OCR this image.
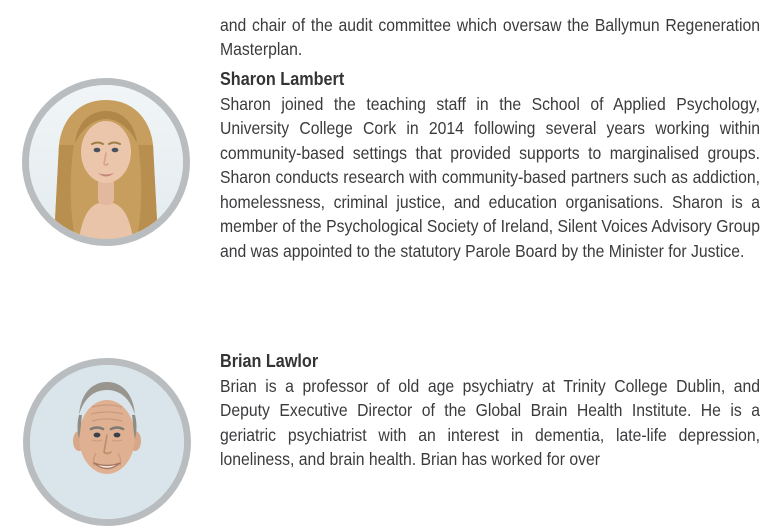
and chair of the audit committee which oversaw the Ballymun Regeneration Masterplan.

Sharon Lambert

Sharon joined the teaching staff in the School of Applied Psychology, University College Cork in 2014 following several years working within community-based settings that provided supports to marginalised groups. Sharon conducts research with community-based partners such as addiction, homelessness, criminal justice, and education organisations. Sharon is a member of the Psychological Society of Ireland, Silent Voices Advisory Group and was appointed to the statutory Parole Board by the Minister for Justice.

Brian Lawlor

Brian is a professor of old age psychiatry at Trinity College Dublin, and Deputy Executive Director of the Global Brain Health Institute. He is a geriatric psychiatrist with an interest in dementia, late-life depression, loneliness, and brain health. Brian has worked for over
